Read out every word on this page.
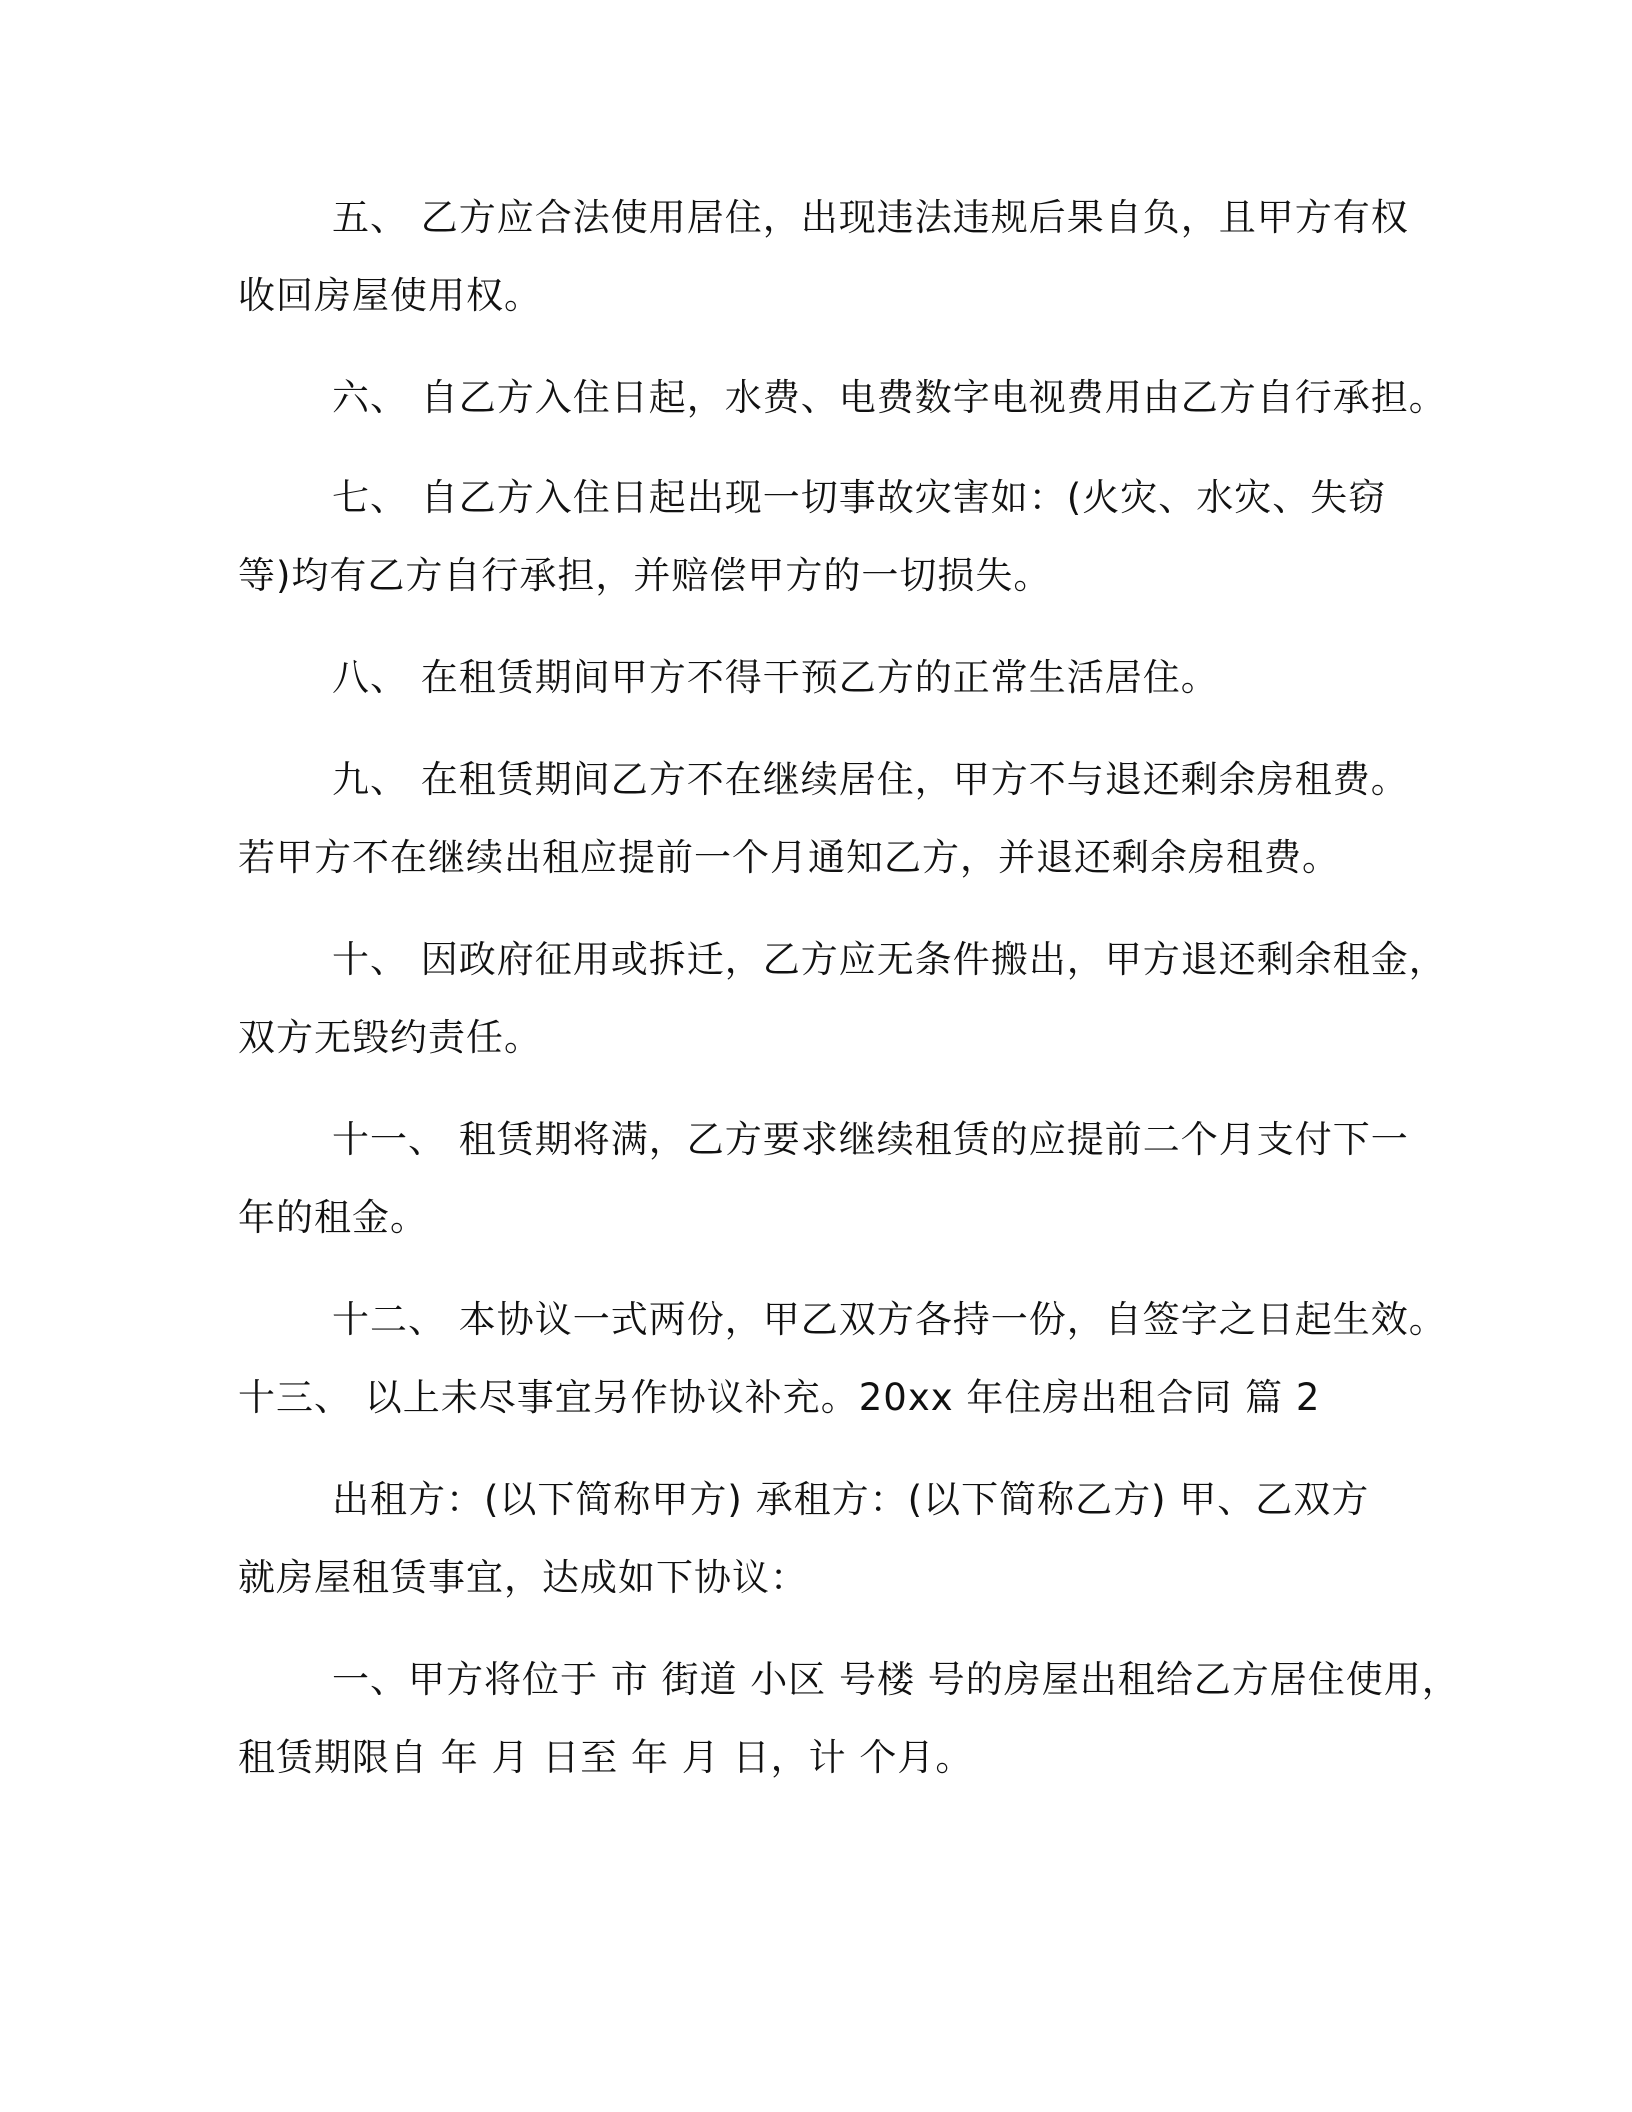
五、 乙方应合法使用居住，出现违法违规后果自负，且甲方有权
收回房屋使用权。
六、 自乙方入住日起，水费、电费数字电视费用由乙方自行承担。
七、 自乙方入住日起出现一切事故灾害如：(火灾、水灾、失窃
等)均有乙方自行承担，并赔偿甲方的一切损失。
八、 在租赁期间甲方不得干预乙方的正常生活居住。
九、 在租赁期间乙方不在继续居住，甲方不与退还剩余房租费。
若甲方不在继续出租应提前一个月通知乙方，并退还剩余房租费。
十、 因政府征用或拆迁，乙方应无条件搬出，甲方退还剩余租金，
双方无毁约责任。
十一、 租赁期将满，乙方要求继续租赁的应提前二个月支付下一
年的租金。
十二、 本协议一式两份，甲乙双方各持一份，自签字之日起生效。
十三、 以上未尽事宜另作协议补充。20xx 年住房出租合同 篇 2
出租方：(以下简称甲方) 承租方：(以下简称乙方) 甲、乙双方
就房屋租赁事宜，达成如下协议：
一、甲方将位于 市 街道 小区 号楼 号的房屋出租给乙方居住使用，
租赁期限自 年 月 日至 年 月 日，计 个月。
